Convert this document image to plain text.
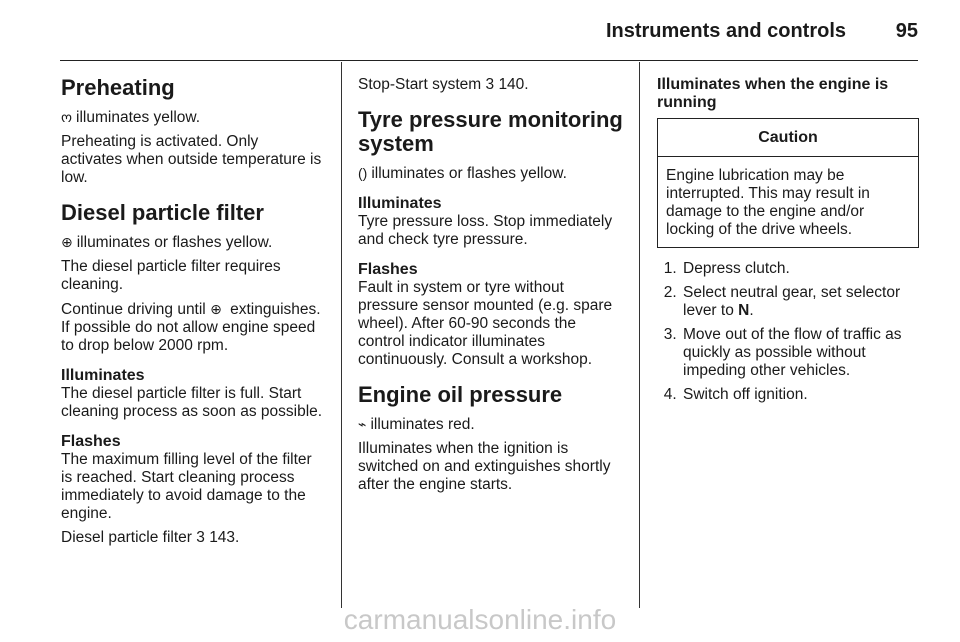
Instruments and controls 95
Preheating

ო illuminates yellow.

Preheating is activated. Only activates when outside temperature is low.

Diesel particle filter

⊕ illuminates or flashes yellow.

The diesel particle filter requires cleaning.

Continue driving until ⊕ extinguishes. If possible do not allow engine speed to drop below 2000 rpm.

Illuminates

The diesel particle filter is full. Start cleaning process as soon as possible.

Flashes

The maximum filling level of the filter is reached. Start cleaning process immediately to avoid damage to the engine.

Diesel particle filter 3 143.

Stop-Start system 3 140.

Tyre pressure monitoring system

() illuminates or flashes yellow.

Illuminates

Tyre pressure loss. Stop immediately and check tyre pressure.

Flashes

Fault in system or tyre without pressure sensor mounted (e.g. spare wheel). After 60-90 seconds the control indicator illuminates continuously. Consult a workshop.

Engine oil pressure

⌁ illuminates red.

Illuminates when the ignition is switched on and extinguishes shortly after the engine starts.

Illuminates when the engine is running
Caution
Engine lubrication may be interrupted. This may result in damage to the engine and/or locking of the drive wheels.
1. Depress clutch.
2. Select neutral gear, set selector lever to N.
3. Move out of the flow of traffic as quickly as possible without impeding other vehicles.
4. Switch off ignition.
carmanualsonline.info
